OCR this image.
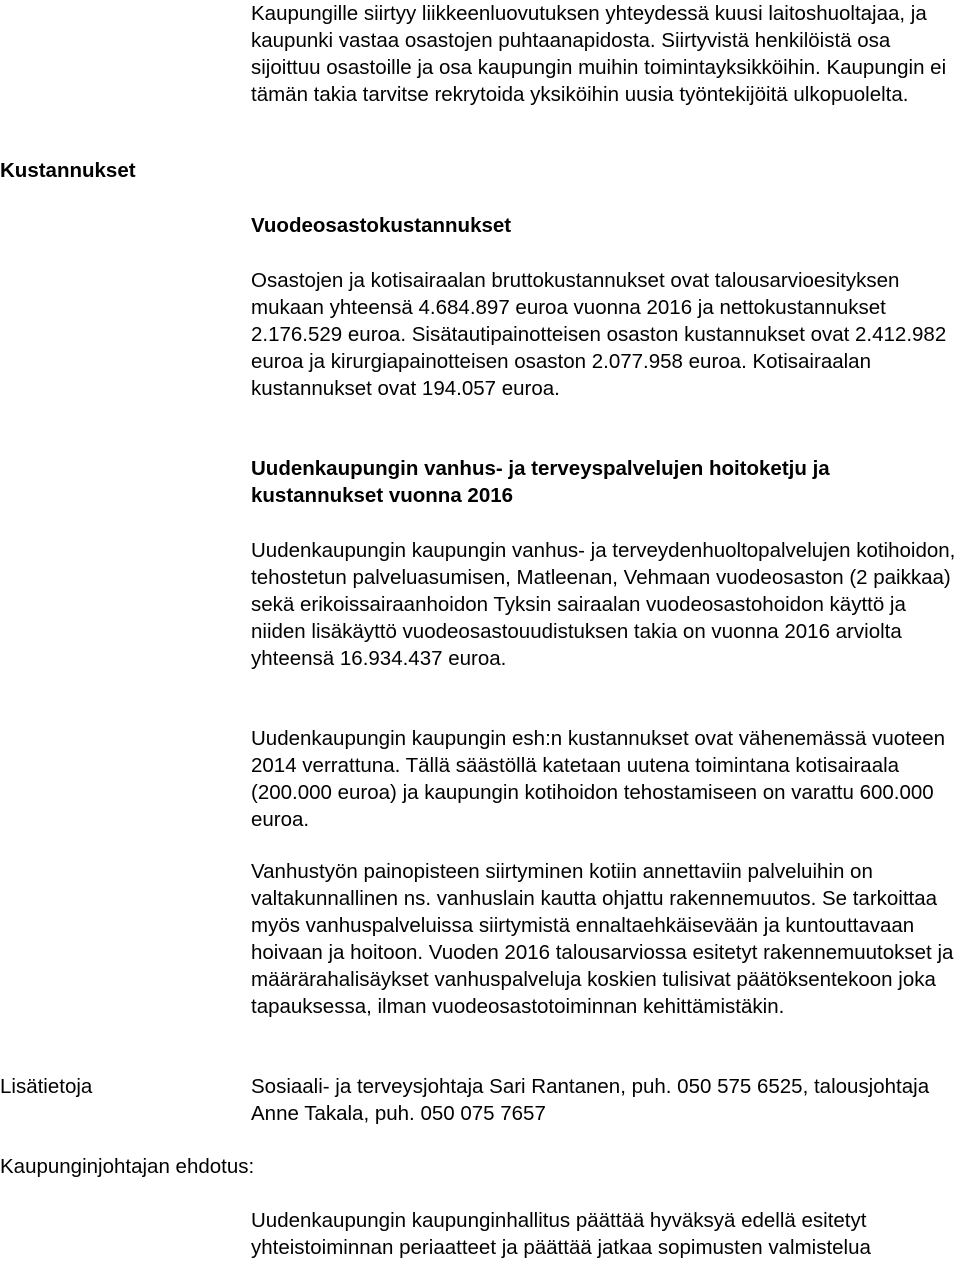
Kaupungille siirtyy liikkeenluovutuksen yhteydessä kuusi laitoshuoltajaa, ja kaupunki vastaa osastojen puhtaanapidosta. Siirtyvistä henkilöistä osa sijoittuu osastoille ja osa kaupungin muihin toimintayksikköihin. Kaupungin ei tämän takia tarvitse rekrytoida yksiköihin uusia työntekijöitä ulkopuolelta.

Kustannukset

Vuodeosastokustannukset

Osastojen ja kotisairaalan bruttokustannukset ovat talousarvioesityksen mukaan yhteensä 4.684.897 euroa vuonna 2016 ja nettokustannukset 2.176.529 euroa. Sisätautipainotteisen osaston kustannukset ovat 2.412.982 euroa ja kirurgiapainotteisen osaston 2.077.958 euroa. Kotisairaalan kustannukset ovat 194.057 euroa.

Uudenkaupungin vanhus- ja terveyspalvelujen hoitoketju ja kustannukset vuonna 2016

Uudenkaupungin kaupungin vanhus- ja terveydenhuoltopalvelujen kotihoidon, tehostetun palveluasumisen, Matleenan, Vehmaan vuodeosaston (2 paikkaa) sekä erikoissairaanhoidon Tyksin sairaalan vuodeosastohoidon käyttö ja niiden lisäkäyttö vuodeosastouudistuksen takia on vuonna 2016 arviolta yhteensä 16.934.437 euroa.

Uudenkaupungin kaupungin esh:n kustannukset ovat vähenemässä vuoteen 2014 verrattuna. Tällä säästöllä katetaan uutena toimintana kotisairaala (200.000 euroa) ja kaupungin kotihoidon tehostamiseen on varattu 600.000 euroa.

Vanhustyön painopisteen siirtyminen kotiin annettaviin palveluihin on valtakunnallinen ns. vanhuslain kautta ohjattu rakennemuutos. Se tarkoittaa myös vanhuspalveluissa siirtymistä ennaltaehkäisevään ja kuntouttavaan hoivaan ja hoitoon. Vuoden 2016 talousarviossa esitetyt rakennemuutokset ja määrärahalisäykset vanhuspalveluja koskien tulisivat päätöksentekoon joka tapauksessa, ilman vuodeosastotoiminnan kehittämistäkin.

Lisätietoja	Sosiaali- ja terveysjohtaja Sari Rantanen, puh. 050 575 6525, talousjohtaja Anne Takala, puh. 050 075 7657

Kaupunginjohtajan ehdotus:

Uudenkaupungin kaupunginhallitus päättää hyväksyä edellä esitetyt yhteistoiminnan periaatteet ja päättää jatkaa sopimusten valmistelua
